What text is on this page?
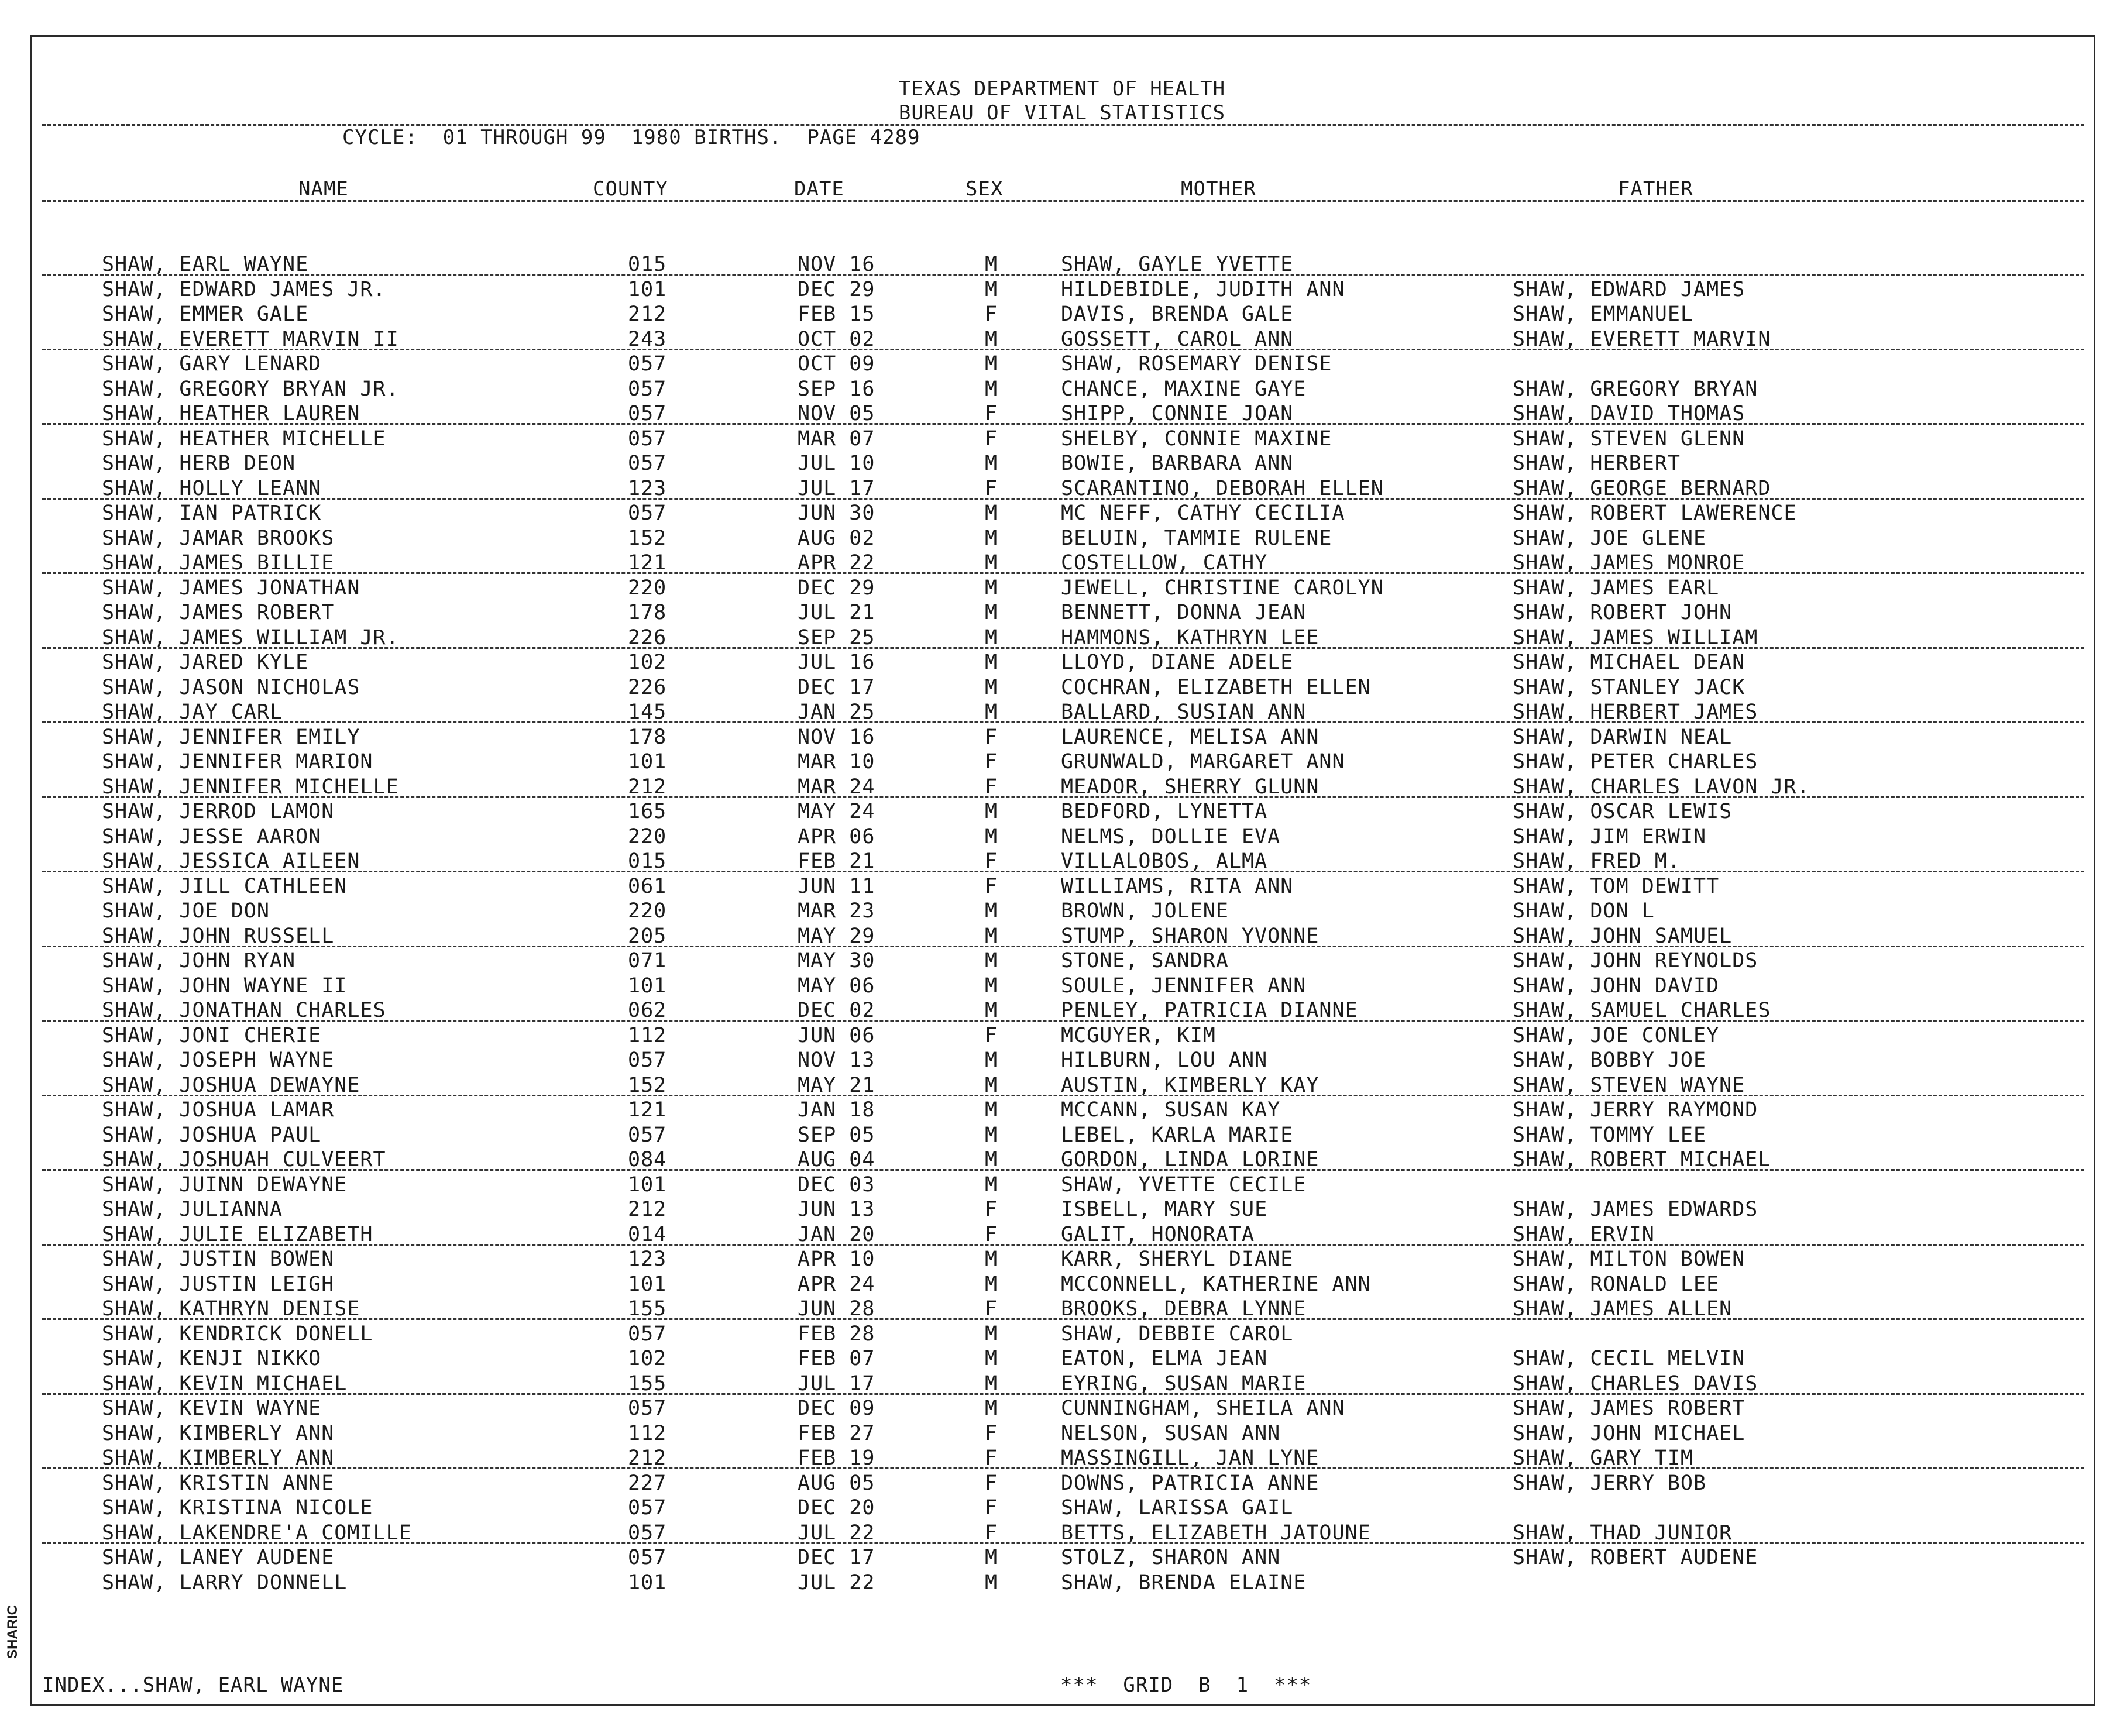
TEXAS DEPARTMENT OF HEALTH
BUREAU OF VITAL STATISTICS
CYCLE:  01 THROUGH 99  1980 BIRTHS.  PAGE 4289
NAME	COUNTY	DATE	SEX	MOTHER	FATHER
SHAW, EARL WAYNE	015	NOV 16	M	SHAW, GAYLE YVETTE
SHAW, EDWARD JAMES JR.	101	DEC 29	M	HILDEBIDLE, JUDITH ANN	SHAW, EDWARD JAMES
SHAW, EMMER GALE	212	FEB 15	F	DAVIS, BRENDA GALE	SHAW, EMMANUEL
SHAW, EVERETT MARVIN II	243	OCT 02	M	GOSSETT, CAROL ANN	SHAW, EVERETT MARVIN
SHAW, GARY LENARD	057	OCT 09	M	SHAW, ROSEMARY DENISE
SHAW, GREGORY BRYAN JR.	057	SEP 16	M	CHANCE, MAXINE GAYE	SHAW, GREGORY BRYAN
SHAW, HEATHER LAUREN	057	NOV 05	F	SHIPP, CONNIE JOAN	SHAW, DAVID THOMAS
SHAW, HEATHER MICHELLE	057	MAR 07	F	SHELBY, CONNIE MAXINE	SHAW, STEVEN GLENN
SHAW, HERB DEON	057	JUL 10	M	BOWIE, BARBARA ANN	SHAW, HERBERT
SHAW, HOLLY LEANN	123	JUL 17	F	SCARANTINO, DEBORAH ELLEN	SHAW, GEORGE BERNARD
SHAW, IAN PATRICK	057	JUN 30	M	MC NEFF, CATHY CECILIA	SHAW, ROBERT LAWERENCE
SHAW, JAMAR BROOKS	152	AUG 02	M	BELUIN, TAMMIE RULENE	SHAW, JOE GLENE
SHAW, JAMES BILLIE	121	APR 22	M	COSTELLOW, CATHY	SHAW, JAMES MONROE
SHAW, JAMES JONATHAN	220	DEC 29	M	JEWELL, CHRISTINE CAROLYN	SHAW, JAMES EARL
SHAW, JAMES ROBERT	178	JUL 21	M	BENNETT, DONNA JEAN	SHAW, ROBERT JOHN
SHAW, JAMES WILLIAM JR.	226	SEP 25	M	HAMMONS, KATHRYN LEE	SHAW, JAMES WILLIAM
SHAW, JARED KYLE	102	JUL 16	M	LLOYD, DIANE ADELE	SHAW, MICHAEL DEAN
SHAW, JASON NICHOLAS	226	DEC 17	M	COCHRAN, ELIZABETH ELLEN	SHAW, STANLEY JACK
SHAW, JAY CARL	145	JAN 25	M	BALLARD, SUSIAN ANN	SHAW, HERBERT JAMES
SHAW, JENNIFER EMILY	178	NOV 16	F	LAURENCE, MELISA ANN	SHAW, DARWIN NEAL
SHAW, JENNIFER MARION	101	MAR 10	F	GRUNWALD, MARGARET ANN	SHAW, PETER CHARLES
SHAW, JENNIFER MICHELLE	212	MAR 24	F	MEADOR, SHERRY GLUNN	SHAW, CHARLES LAVON JR.
SHAW, JERROD LAMON	165	MAY 24	M	BEDFORD, LYNETTA	SHAW, OSCAR LEWIS
SHAW, JESSE AARON	220	APR 06	M	NELMS, DOLLIE EVA	SHAW, JIM ERWIN
SHAW, JESSICA AILEEN	015	FEB 21	F	VILLALOBOS, ALMA	SHAW, FRED M.
SHAW, JILL CATHLEEN	061	JUN 11	F	WILLIAMS, RITA ANN	SHAW, TOM DEWITT
SHAW, JOE DON	220	MAR 23	M	BROWN, JOLENE	SHAW, DON L
SHAW, JOHN RUSSELL	205	MAY 29	M	STUMP, SHARON YVONNE	SHAW, JOHN SAMUEL
SHAW, JOHN RYAN	071	MAY 30	M	STONE, SANDRA	SHAW, JOHN REYNOLDS
SHAW, JOHN WAYNE II	101	MAY 06	M	SOULE, JENNIFER ANN	SHAW, JOHN DAVID
SHAW, JONATHAN CHARLES	062	DEC 02	M	PENLEY, PATRICIA DIANNE	SHAW, SAMUEL CHARLES
SHAW, JONI CHERIE	112	JUN 06	F	MCGUYER, KIM	SHAW, JOE CONLEY
SHAW, JOSEPH WAYNE	057	NOV 13	M	HILBURN, LOU ANN	SHAW, BOBBY JOE
SHAW, JOSHUA DEWAYNE	152	MAY 21	M	AUSTIN, KIMBERLY KAY	SHAW, STEVEN WAYNE
SHAW, JOSHUA LAMAR	121	JAN 18	M	MCCANN, SUSAN KAY	SHAW, JERRY RAYMOND
SHAW, JOSHUA PAUL	057	SEP 05	M	LEBEL, KARLA MARIE	SHAW, TOMMY LEE
SHAW, JOSHUAH CULVEERT	084	AUG 04	M	GORDON, LINDA LORINE	SHAW, ROBERT MICHAEL
SHAW, JUINN DEWAYNE	101	DEC 03	M	SHAW, YVETTE CECILE
SHAW, JULIANNA	212	JUN 13	F	ISBELL, MARY SUE	SHAW, JAMES EDWARDS
SHAW, JULIE ELIZABETH	014	JAN 20	F	GALIT, HONORATA	SHAW, ERVIN
SHAW, JUSTIN BOWEN	123	APR 10	M	KARR, SHERYL DIANE	SHAW, MILTON BOWEN
SHAW, JUSTIN LEIGH	101	APR 24	M	MCCONNELL, KATHERINE ANN	SHAW, RONALD LEE
SHAW, KATHRYN DENISE	155	JUN 28	F	BROOKS, DEBRA LYNNE	SHAW, JAMES ALLEN
SHAW, KENDRICK DONELL	057	FEB 28	M	SHAW, DEBBIE CAROL
SHAW, KENJI NIKKO	102	FEB 07	M	EATON, ELMA JEAN	SHAW, CECIL MELVIN
SHAW, KEVIN MICHAEL	155	JUL 17	M	EYRING, SUSAN MARIE	SHAW, CHARLES DAVIS
SHAW, KEVIN WAYNE	057	DEC 09	M	CUNNINGHAM, SHEILA ANN	SHAW, JAMES ROBERT
SHAW, KIMBERLY ANN	112	FEB 27	F	NELSON, SUSAN ANN	SHAW, JOHN MICHAEL
SHAW, KIMBERLY ANN	212	FEB 19	F	MASSINGILL, JAN LYNE	SHAW, GARY TIM
SHAW, KRISTIN ANNE	227	AUG 05	F	DOWNS, PATRICIA ANNE	SHAW, JERRY BOB
SHAW, KRISTINA NICOLE	057	DEC 20	F	SHAW, LARISSA GAIL
SHAW, LAKENDRE'A COMILLE	057	JUL 22	F	BETTS, ELIZABETH JATOUNE	SHAW, THAD JUNIOR
SHAW, LANEY AUDENE	057	DEC 17	M	STOLZ, SHARON ANN	SHAW, ROBERT AUDENE
SHAW, LARRY DONNELL	101	JUL 22	M	SHAW, BRENDA ELAINE
INDEX...SHAW, EARL WAYNE	***  GRID  B  1  ***
SHARIC
